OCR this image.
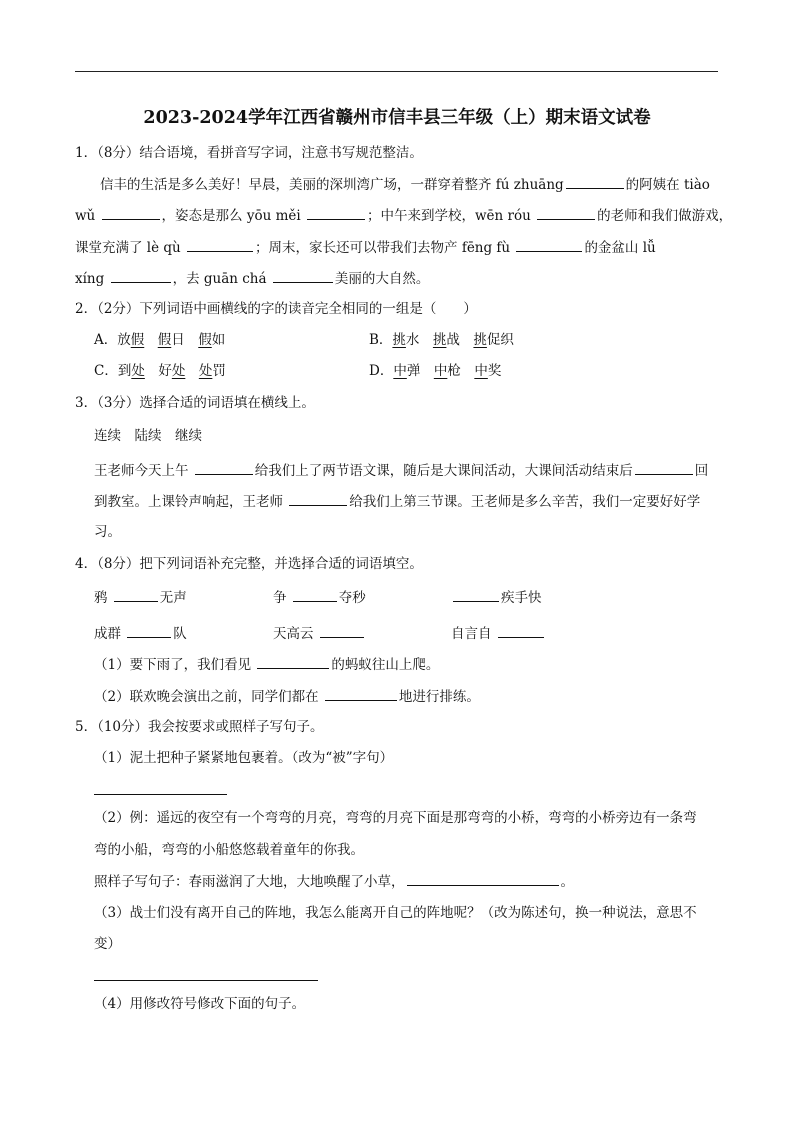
2023-2024学年江西省赣州市信丰县三年级（上）期末语文试卷
1．（8分）结合语境，看拼音写字词，注意书写规范整洁。
信丰的生活是多么美好！早晨，美丽的深圳湾广场，一群穿着整齐 fú zhuāng	的阿姨在 tiào
wǔ	，姿态是那么 yōu měi	；中午来到学校，wēn róu	的老师和我们做游戏，
课堂充满了 lè qù	；周末，家长还可以带我们去物产 fēng fù	的金盆山 lǚ
xíng	，去 guān chá	美丽的大自然。
2．（2分）下列词语中画横线的字的读音完全相同的一组是（　　）
A．放假　 假日　假如	B．挑水　挑战　挑促织
C．到处　好处　 处罚	D．中弹　中枪　中奖
3．（3分）选择合适的词语填在横线上。
连续　陆续　继续
王老师今天上午	给我们上了两节语文课，随后是大课间活动，大课间活动结束后	回
到教室。上课铃声响起，王老师	给我们上第三节课。王老师是多么辛苦，我们一定要好好学
习。
4．（8分）把下列词语补充完整，并选择合适的词语填空。
鸦	无声	争	夺秒	疾手快
成群	队	天高云	自言自
（1）要下雨了，我们看见	的蚂蚁往山上爬。
（2）联欢晚会演出之前，同学们都在	地进行排练。
5．（10分）我会按要求或照样子写句子。
（1）泥土把种子紧紧地包裹着。（改为“被”字句）
（2）例：遥远的夜空有一个弯弯的月亮，弯弯的月亮下面是那弯弯的小桥，弯弯的小桥旁边有一条弯
弯的小船，弯弯的小船悠悠载着童年的你我。
照样子写句子：春雨滋润了大地，大地唤醒了小草，	。
（3）战士们没有离开自己的阵地，我怎么能离开自己的阵地呢？（改为陈述句，换一种说法，意思不
变）
（4）用修改符号修改下面的句子。
